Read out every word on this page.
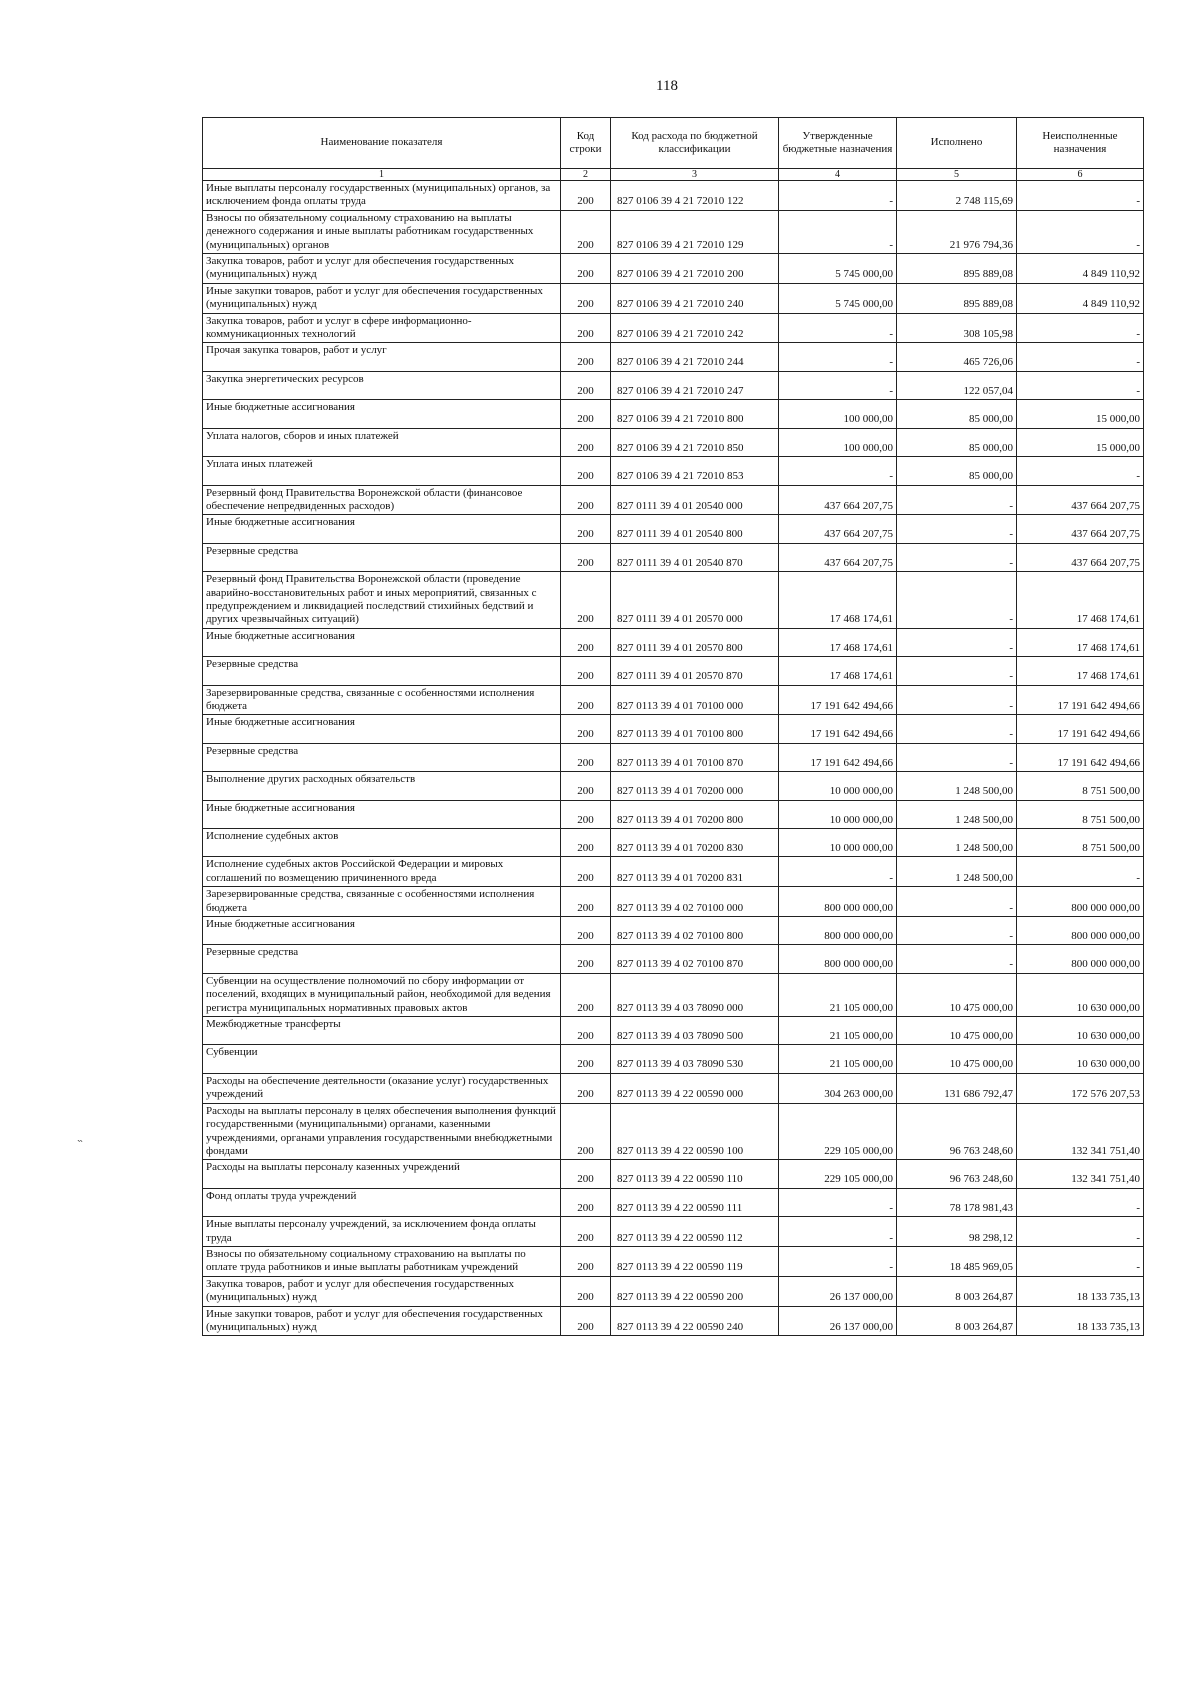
118
˵
Наименование показателя	Код строки	Код расхода по бюджетной классификации	Утвержденные бюджетные назначения	Исполнено	Неисполненные назначения
1	2	3	4	5	6

Иные выплаты персоналу государственных (муниципальных) органов, за исключением фонда оплаты труда	200	827 0106 39 4 21 72010 122	-	2 748 115,69	-

Взносы по обязательному социальному страхованию на выплаты денежного содержания и иные выплаты работникам государственных (муниципальных) органов	200	827 0106 39 4 21 72010 129	-	21 976 794,36	-

Закупка товаров, работ и услуг для обеспечения государственных (муниципальных) нужд	200	827 0106 39 4 21 72010 200	5 745 000,00	895 889,08	4 849 110,92

Иные закупки товаров, работ и услуг для обеспечения государственных (муниципальных) нужд	200	827 0106 39 4 21 72010 240	5 745 000,00	895 889,08	4 849 110,92

Закупка товаров, работ и услуг в сфере информационно-коммуникационных технологий	200	827 0106 39 4 21 72010 242	-	308 105,98	-

Прочая закупка товаров, работ и услуг	200	827 0106 39 4 21 72010 244	-	465 726,06	-

Закупка энергетических ресурсов	200	827 0106 39 4 21 72010 247	-	122 057,04	-

Иные бюджетные ассигнования	200	827 0106 39 4 21 72010 800	100 000,00	85 000,00	15 000,00

Уплата налогов, сборов и иных платежей	200	827 0106 39 4 21 72010 850	100 000,00	85 000,00	15 000,00

Уплата иных платежей	200	827 0106 39 4 21 72010 853	-	85 000,00	-

Резервный фонд Правительства Воронежской области (финансовое обеспечение непредвиденных расходов)	200	827 0111 39 4 01 20540 000	437 664 207,75	-	437 664 207,75

Иные бюджетные ассигнования	200	827 0111 39 4 01 20540 800	437 664 207,75	-	437 664 207,75

Резервные средства	200	827 0111 39 4 01 20540 870	437 664 207,75	-	437 664 207,75

Резервный фонд Правительства Воронежской области (проведение аварийно-восстановительных работ и иных мероприятий, связанных с предупреждением и ликвидацией последствий стихийных бедствий и других чрезвычайных ситуаций)	200	827 0111 39 4 01 20570 000	17 468 174,61	-	17 468 174,61

Иные бюджетные ассигнования	200	827 0111 39 4 01 20570 800	17 468 174,61	-	17 468 174,61

Резервные средства	200	827 0111 39 4 01 20570 870	17 468 174,61	-	17 468 174,61

Зарезервированные средства, связанные с особенностями исполнения бюджета	200	827 0113 39 4 01 70100 000	17 191 642 494,66	-	17 191 642 494,66

Иные бюджетные ассигнования	200	827 0113 39 4 01 70100 800	17 191 642 494,66	-	17 191 642 494,66

Резервные средства	200	827 0113 39 4 01 70100 870	17 191 642 494,66	-	17 191 642 494,66

Выполнение других расходных обязательств	200	827 0113 39 4 01 70200 000	10 000 000,00	1 248 500,00	8 751 500,00

Иные бюджетные ассигнования	200	827 0113 39 4 01 70200 800	10 000 000,00	1 248 500,00	8 751 500,00

Исполнение судебных актов	200	827 0113 39 4 01 70200 830	10 000 000,00	1 248 500,00	8 751 500,00

Исполнение судебных актов Российской Федерации и мировых соглашений по возмещению причиненного вреда	200	827 0113 39 4 01 70200 831	-	1 248 500,00	-

Зарезервированные средства, связанные с особенностями исполнения бюджета	200	827 0113 39 4 02 70100 000	800 000 000,00	-	800 000 000,00

Иные бюджетные ассигнования	200	827 0113 39 4 02 70100 800	800 000 000,00	-	800 000 000,00

Резервные средства	200	827 0113 39 4 02 70100 870	800 000 000,00	-	800 000 000,00

Субвенции на осуществление полномочий по сбору информации от поселений, входящих в муниципальный район, необходимой для ведения регистра муниципальных нормативных правовых актов	200	827 0113 39 4 03 78090 000	21 105 000,00	10 475 000,00	10 630 000,00

Межбюджетные трансферты	200	827 0113 39 4 03 78090 500	21 105 000,00	10 475 000,00	10 630 000,00

Субвенции	200	827 0113 39 4 03 78090 530	21 105 000,00	10 475 000,00	10 630 000,00

Расходы на обеспечение деятельности (оказание услуг) государственных учреждений	200	827 0113 39 4 22 00590 000	304 263 000,00	131 686 792,47	172 576 207,53

Расходы на выплаты персоналу в целях обеспечения выполнения функций государственными (муниципальными) органами, казенными учреждениями, органами управления государственными внебюджетными фондами	200	827 0113 39 4 22 00590 100	229 105 000,00	96 763 248,60	132 341 751,40

Расходы на выплаты персоналу казенных учреждений	200	827 0113 39 4 22 00590 110	229 105 000,00	96 763 248,60	132 341 751,40

Фонд оплаты труда учреждений	200	827 0113 39 4 22 00590 111	-	78 178 981,43	-

Иные выплаты персоналу учреждений, за исключением фонда оплаты труда	200	827 0113 39 4 22 00590 112	-	98 298,12	-

Взносы по обязательному социальному страхованию на выплаты по оплате труда работников и иные выплаты работникам учреждений	200	827 0113 39 4 22 00590 119	-	18 485 969,05	-

Закупка товаров, работ и услуг для обеспечения государственных (муниципальных) нужд	200	827 0113 39 4 22 00590 200	26 137 000,00	8 003 264,87	18 133 735,13

Иные закупки товаров, работ и услуг для обеспечения государственных (муниципальных) нужд	200	827 0113 39 4 22 00590 240	26 137 000,00	8 003 264,87	18 133 735,13
